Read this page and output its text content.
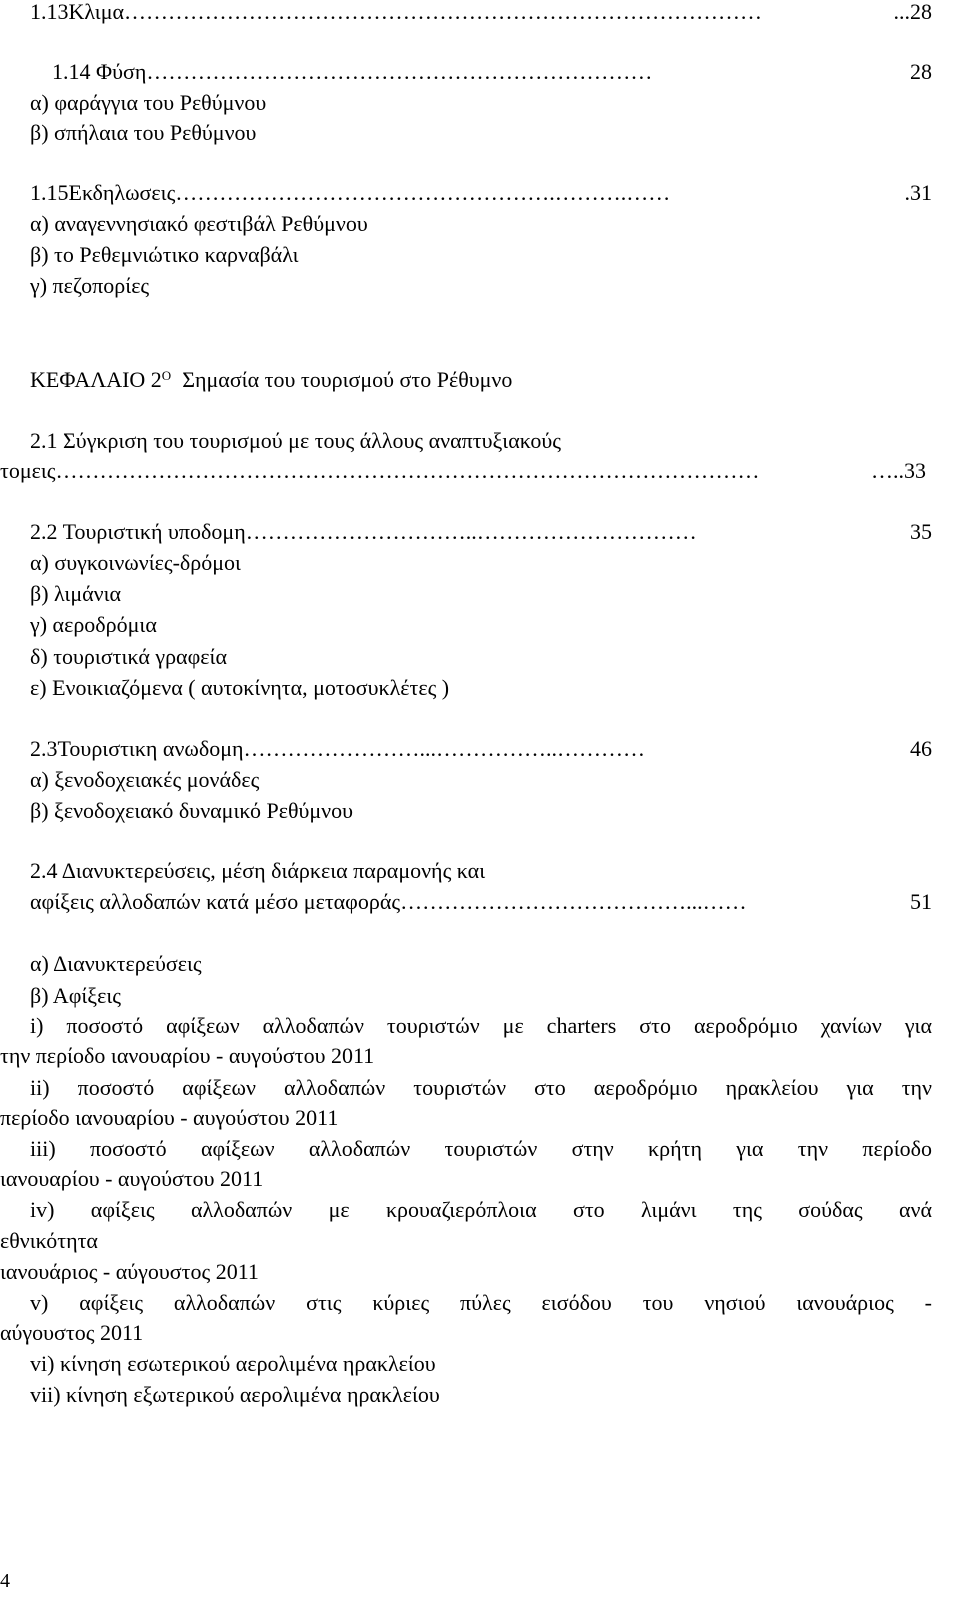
1.13Κλιμα ……………………………………………………………………………	...28
1.14 Φύση ……………………………………………………………	28
α) φαράγγια του Ρεθύμνου
β) σπήλαια του Ρεθύμνου
1.15Εκδηλωσεις …………………………………………….……….……	.31
α) αναγεννησιακό φεστιβάλ Ρεθύμνου
β) το Ρεθεμνιώτικο καρναβάλι
γ) πεζοπορίες
ΚΕΦΑΛΑΙΟ $2^O$  Σημασία του τουρισμού στο Ρέθυμνο
2.1 Σύγκριση του τουρισμού με τους άλλους αναπτυξιακούς
τομεις ……………………………………………………………………………………	…..33
2.2 Τουριστική υποδομη …………………………..…………………………	35
α) συγκοινωνίες-δρόμοι
β) λιμάνια
γ) αεροδρόμια
δ) τουριστικά γραφεία
ε) Ενοικιαζόμενα ( αυτοκίνητα, μοτοσυκλέτες )
2.3Τουριστικη ανωδομη ……………………...……………..…………	46
α) ξενοδοχειακές μονάδες
β) ξενοδοχειακό δυναμικό Ρεθύμνου
2.4 Διανυκτερεύσεις, μέση διάρκεια παραμονής και
αφίξεις αλλοδαπών κατά μέσο μεταφοράς …………………………………...……	51
α) Διανυκτερεύσεις
β) Αφίξεις
i) ποσοστό αφίξεων αλλοδαπών τουριστών με charters στο αεροδρόμιο χανίων για
την περίοδο ιανουαρίου - αυγούστου 2011
ii) ποσοστό αφίξεων αλλοδαπών τουριστών στο αεροδρόμιο ηρακλείου για την
περίοδο ιανουαρίου - αυγούστου 2011
iii) ποσοστό αφίξεων αλλοδαπών τουριστών στην κρήτη για την περίοδο
ιανουαρίου - αυγούστου 2011
iv) αφίξεις αλλοδαπών με κρουαζιερόπλοια στο λιμάνι της σούδας ανά
εθνικότητα
ιανουάριος - αύγουστος 2011
v) αφίξεις αλλοδαπών στις κύριες πύλες εισόδου του νησιού ιανουάριος -
αύγουστος 2011
vi) κίνηση εσωτερικού αερολιμένα ηρακλείου
vii) κίνηση εξωτερικού αερολιμένα ηρακλείου
4
